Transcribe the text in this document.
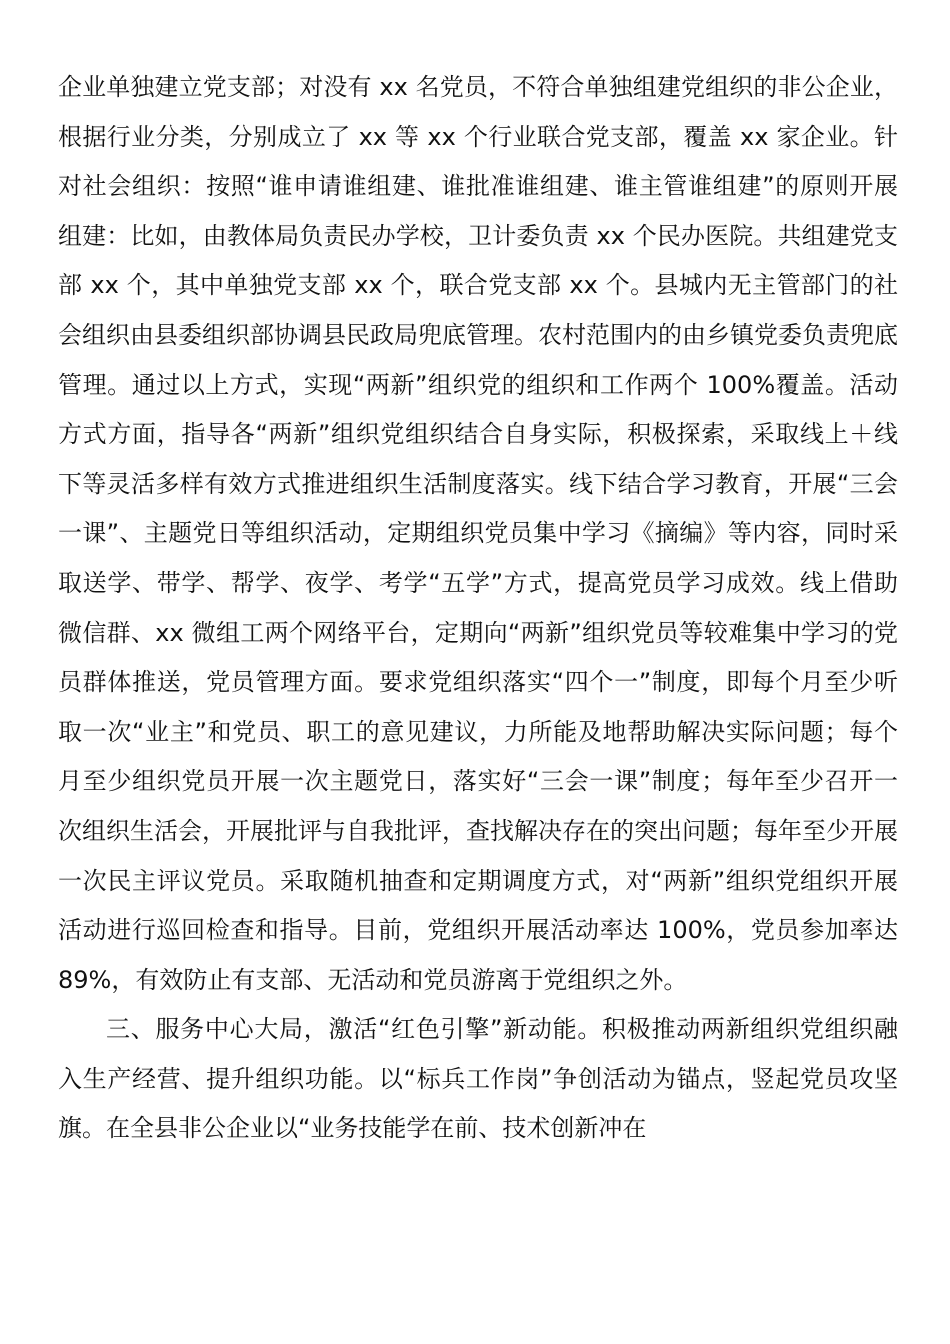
企业单独建立党支部；对没有 xx 名党员，不符合单独组建党组织的非公企业，根据行业分类，分别成立了 xx 等 xx 个行业联合党支部，覆盖 xx 家企业。针对社会组织：按照“谁申请谁组建、谁批准谁组建、谁主管谁组建”的原则开展组建：比如，由教体局负责民办学校，卫计委负责 xx 个民办医院。共组建党支部 xx 个，其中单独党支部 xx 个，联合党支部 xx 个。县城内无主管部门的社会组织由县委组织部协调县民政局兜底管理。农村范围内的由乡镇党委负责兜底管理。通过以上方式，实现“两新”组织党的组织和工作两个 100%覆盖。活动方式方面，指导各“两新”组织党组织结合自身实际，积极探索，采取线上＋线下等灵活多样有效方式推进组织生活制度落实。线下结合学习教育，开展“三会一课”、主题党日等组织活动，定期组织党员集中学习《摘编》等内容，同时采取送学、带学、帮学、夜学、考学“五学”方式，提高党员学习成效。线上借助微信群、xx 微组工两个网络平台，定期向“两新”组织党员等较难集中学习的党员群体推送，党员管理方面。要求党组织落实“四个一”制度，即每个月至少听取一次“业主”和党员、职工的意见建议，力所能及地帮助解决实际问题；每个月至少组织党员开展一次主题党日，落实好“三会一课”制度；每年至少召开一次组织生活会，开展批评与自我批评，查找解决存在的突出问题；每年至少开展一次民主评议党员。采取随机抽查和定期调度方式，对“两新”组织党组织开展活动进行巡回检查和指导。目前，党组织开展活动率达 100%，党员参加率达 89%，有效防止有支部、无活动和党员游离于党组织之外。

三、服务中心大局，激活“红色引擎”新动能。积极推动两新组织党组织融入生产经营、提升组织功能。以“标兵工作岗”争创活动为锚点，竖起党员攻坚旗。在全县非公企业以“业务技能学在前、技术创新冲在
